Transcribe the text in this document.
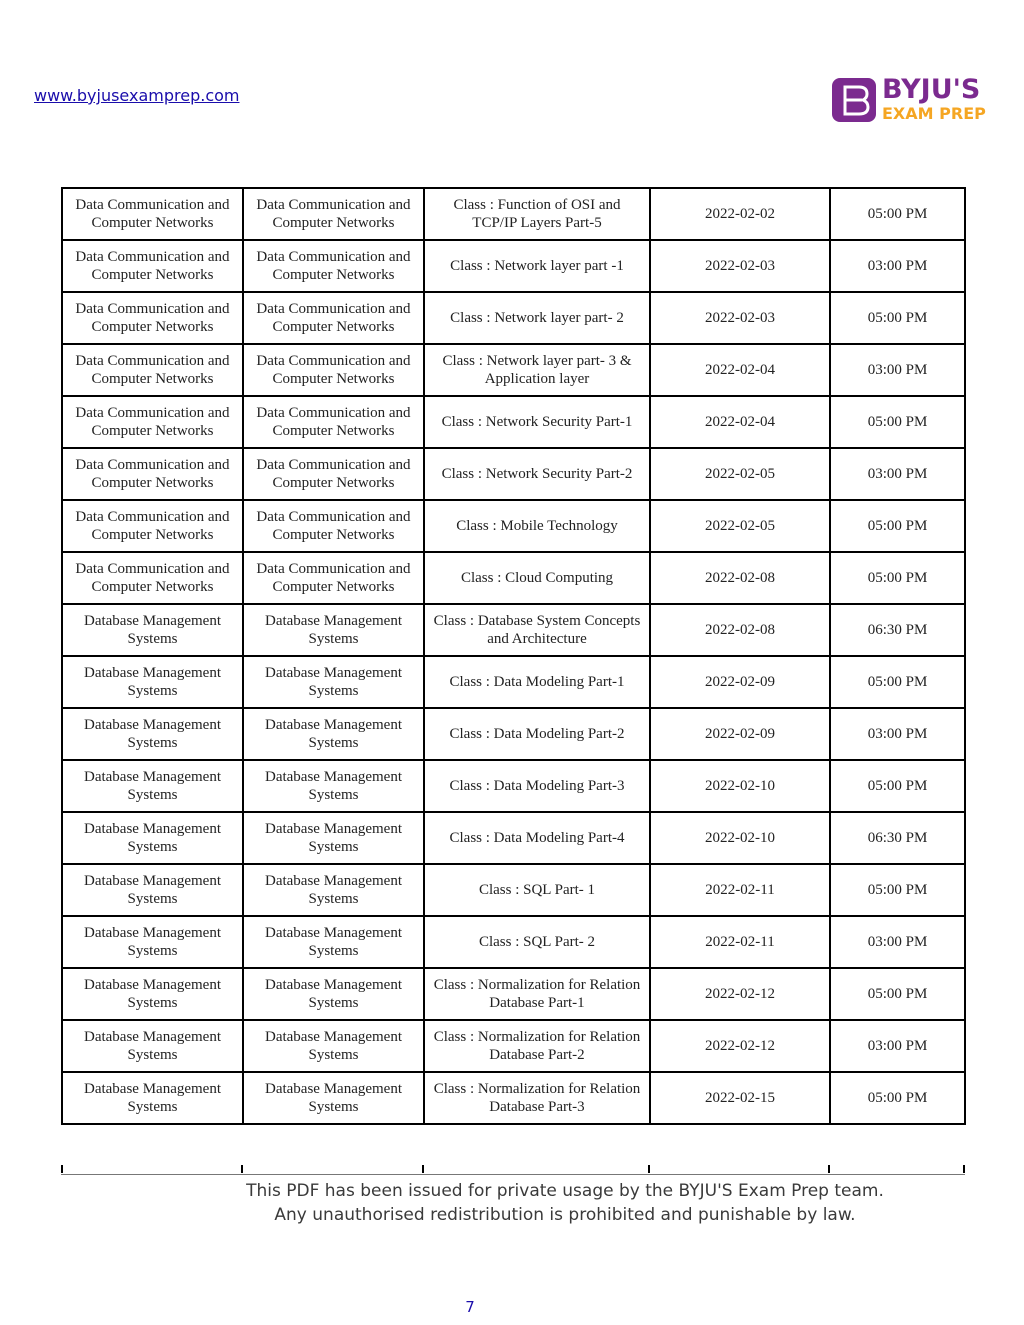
www.byjusexamprep.com	BYJU'S
EXAM PREP
Data Communication and Computer Networks	Data Communication and Computer Networks	Class : Function of OSI and TCP/IP Layers Part-5	2022-02-02	05:00 PM
Data Communication and Computer Networks	Data Communication and Computer Networks	Class : Network layer part -1	2022-02-03	03:00 PM
Data Communication and Computer Networks	Data Communication and Computer Networks	Class : Network layer part- 2	2022-02-03	05:00 PM
Data Communication and Computer Networks	Data Communication and Computer Networks	Class : Network layer part- 3 & Application layer	2022-02-04	03:00 PM
Data Communication and Computer Networks	Data Communication and Computer Networks	Class : Network Security Part-1	2022-02-04	05:00 PM
Data Communication and Computer Networks	Data Communication and Computer Networks	Class : Network Security Part-2	2022-02-05	03:00 PM
Data Communication and Computer Networks	Data Communication and Computer Networks	Class : Mobile Technology	2022-02-05	05:00 PM
Data Communication and Computer Networks	Data Communication and Computer Networks	Class : Cloud Computing	2022-02-08	05:00 PM
Database Management Systems	Database Management Systems	Class : Database System Concepts and Architecture	2022-02-08	06:30 PM
Database Management Systems	Database Management Systems	Class : Data Modeling Part-1	2022-02-09	05:00 PM
Database Management Systems	Database Management Systems	Class : Data Modeling Part-2	2022-02-09	03:00 PM
Database Management Systems	Database Management Systems	Class : Data Modeling Part-3	2022-02-10	05:00 PM
Database Management Systems	Database Management Systems	Class : Data Modeling Part-4	2022-02-10	06:30 PM
Database Management Systems	Database Management Systems	Class : SQL Part- 1	2022-02-11	05:00 PM
Database Management Systems	Database Management Systems	Class : SQL Part- 2	2022-02-11	03:00 PM
Database Management Systems	Database Management Systems	Class : Normalization for Relation Database Part-1	2022-02-12	05:00 PM
Database Management Systems	Database Management Systems	Class : Normalization for Relation Database Part-2	2022-02-12	03:00 PM
Database Management Systems	Database Management Systems	Class : Normalization for Relation Database Part-3	2022-02-15	05:00 PM
This PDF has been issued for private usage by the BYJU'S Exam Prep team.
Any unauthorised redistribution is prohibited and punishable by law.
7
